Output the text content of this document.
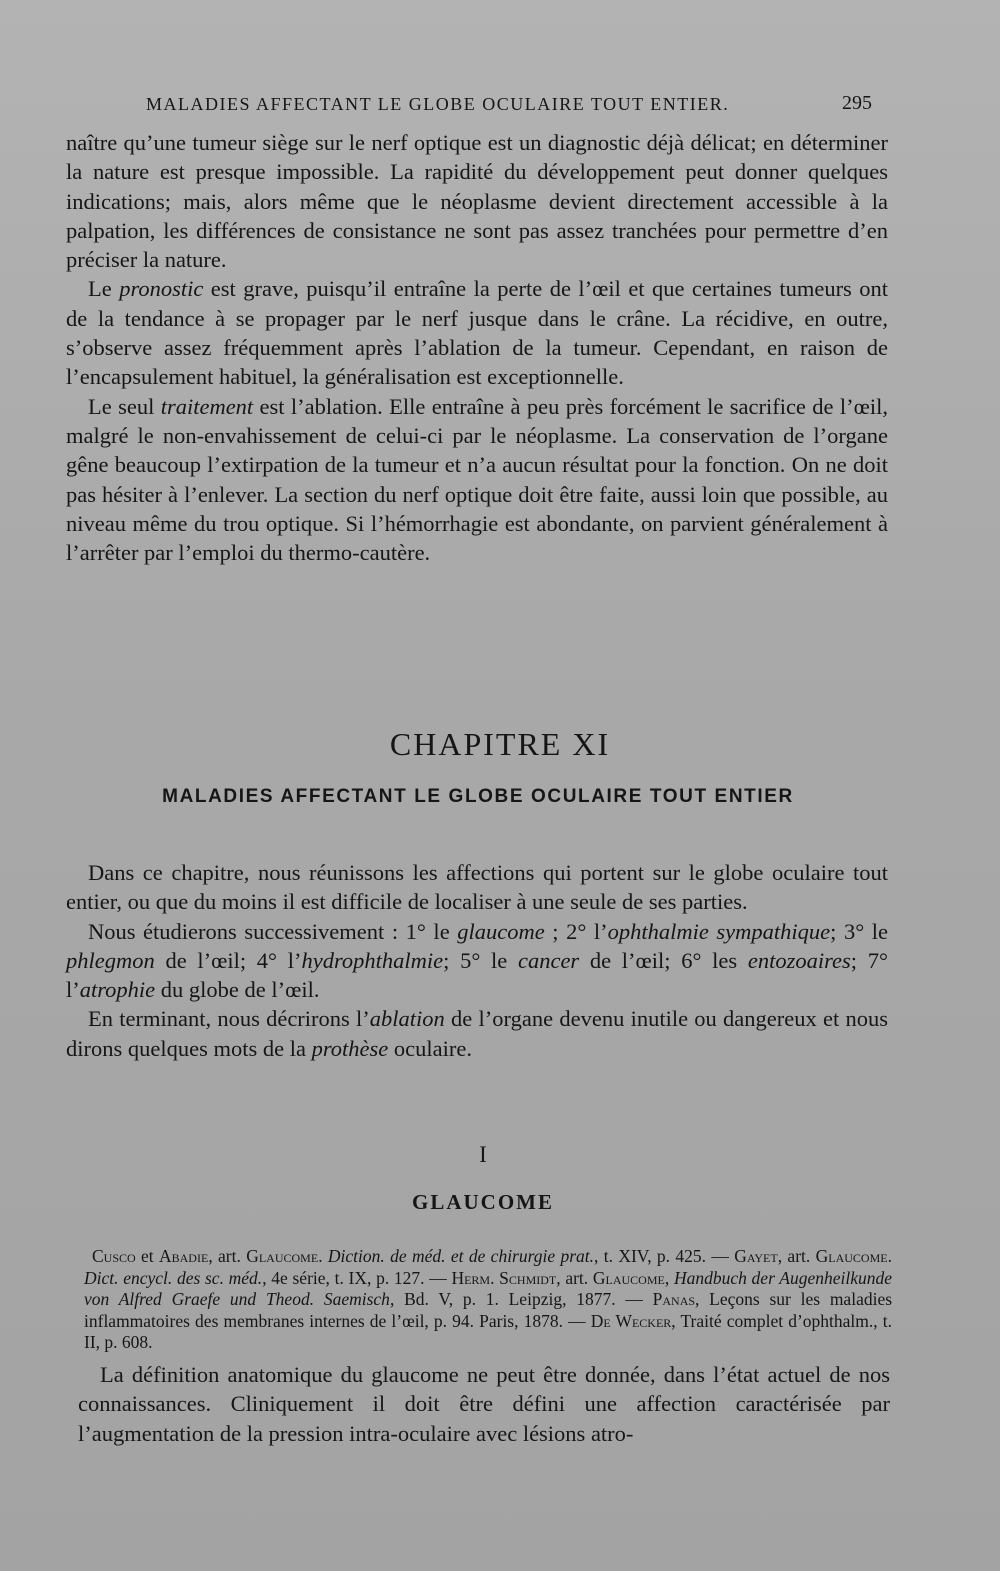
MALADIES AFFECTANT LE GLOBE OCULAIRE TOUT ENTIER.	295

naître qu’une tumeur siège sur le nerf optique est un diagnostic déjà délicat; en déterminer la nature est presque impossible. La rapidité du développement peut donner quelques indications; mais, alors même que le néoplasme devient directement accessible à la palpation, les différences de consistance ne sont pas assez tranchées pour permettre d’en préciser la nature.

Le pronostic est grave, puisqu’il entraîne la perte de l’œil et que certaines tumeurs ont de la tendance à se propager par le nerf jusque dans le crâne. La récidive, en outre, s’observe assez fréquemment après l’ablation de la tumeur. Cependant, en raison de l’encapsulement habituel, la généralisation est exceptionnelle.

Le seul traitement est l’ablation. Elle entraîne à peu près forcément le sacrifice de l’œil, malgré le non-envahissement de celui-ci par le néoplasme. La conservation de l’organe gêne beaucoup l’extirpation de la tumeur et n’a aucun résultat pour la fonction. On ne doit pas hésiter à l’enlever. La section du nerf optique doit être faite, aussi loin que possible, au niveau même du trou optique. Si l’hémorrhagie est abondante, on parvient généralement à l’arrêter par l’emploi du thermo-cautère.

CHAPITRE XI
MALADIES AFFECTANT LE GLOBE OCULAIRE TOUT ENTIER

Dans ce chapitre, nous réunissons les affections qui portent sur le globe oculaire tout entier, ou que du moins il est difficile de localiser à une seule de ses parties.

Nous étudierons successivement : 1° le glaucome ; 2° l’ophthalmie sympathique; 3° le phlegmon de l’œil; 4° l’hydrophthalmie; 5° le cancer de l’œil; 6° les entozoaires; 7° l’atrophie du globe de l’œil.

En terminant, nous décrirons l’ablation de l’organe devenu inutile ou dangereux et nous dirons quelques mots de la prothèse oculaire.

I
GLAUCOME

Cusco et Abadie, art. Glaucome. Diction. de méd. et de chirurgie prat., t. XIV, p. 425. — Gayet, art. Glaucome. Dict. encycl. des sc. méd., 4e série, t. IX, p. 127. — Herm. Schmidt, art. Glaucome, Handbuch der Augenheilkunde von Alfred Graefe und Theod. Saemisch, Bd. V, p. 1. Leipzig, 1877. — Panas, Leçons sur les maladies inflammatoires des membranes internes de l’œil, p. 94. Paris, 1878. — De Wecker, Traité complet d’ophthalm., t. II, p. 608.

La définition anatomique du glaucome ne peut être donnée, dans l’état actuel de nos connaissances. Cliniquement il doit être défini une affection caractérisée par l’augmentation de la pression intra-oculaire avec lésions atro-
